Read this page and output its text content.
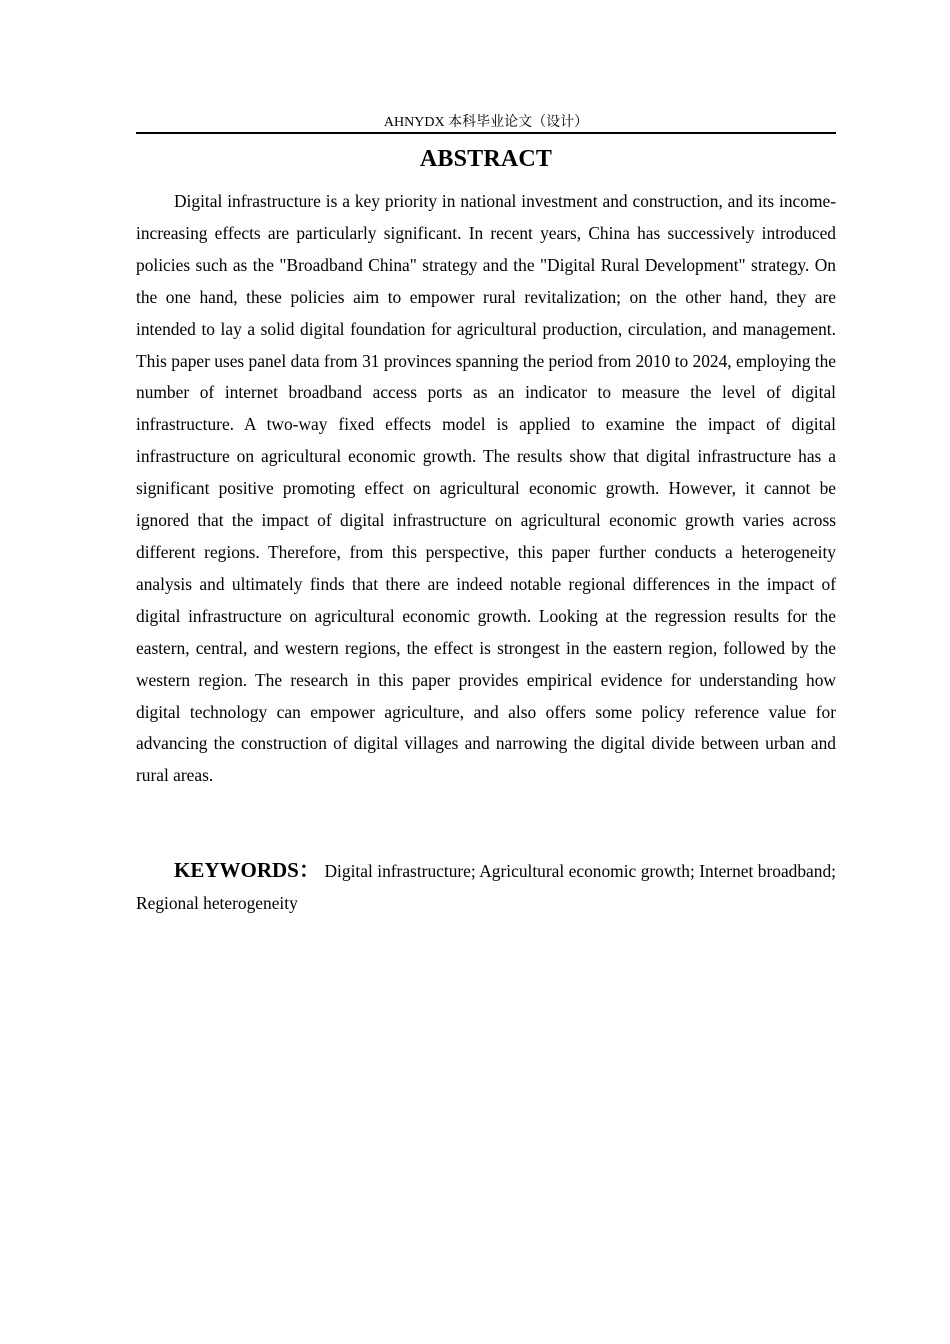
AHNYDX 本科毕业论文（设计）
ABSTRACT

Digital infrastructure is a key priority in national investment and construction, and its income-increasing effects are particularly significant. In recent years, China has successively introduced policies such as the "Broadband China" strategy and the "Digital Rural Development" strategy. On the one hand, these policies aim to empower rural revitalization; on the other hand, they are intended to lay a solid digital foundation for agricultural production, circulation, and management. This paper uses panel data from 31 provinces spanning the period from 2010 to 2024, employing the number of internet broadband access ports as an indicator to measure the level of digital infrastructure. A two-way fixed effects model is applied to examine the impact of digital infrastructure on agricultural economic growth. The results show that digital infrastructure has a significant positive promoting effect on agricultural economic growth. However, it cannot be ignored that the impact of digital infrastructure on agricultural economic growth varies across different regions. Therefore, from this perspective, this paper further conducts a heterogeneity analysis and ultimately finds that there are indeed notable regional differences in the impact of digital infrastructure on agricultural economic growth. Looking at the regression results for the eastern, central, and western regions, the effect is strongest in the eastern region, followed by the western region. The research in this paper provides empirical evidence for understanding how digital technology can empower agriculture, and also offers some policy reference value for advancing the construction of digital villages and narrowing the digital divide between urban and rural areas.

KEYWORDS： Digital infrastructure; Agricultural economic growth; Internet broadband; Regional heterogeneity
